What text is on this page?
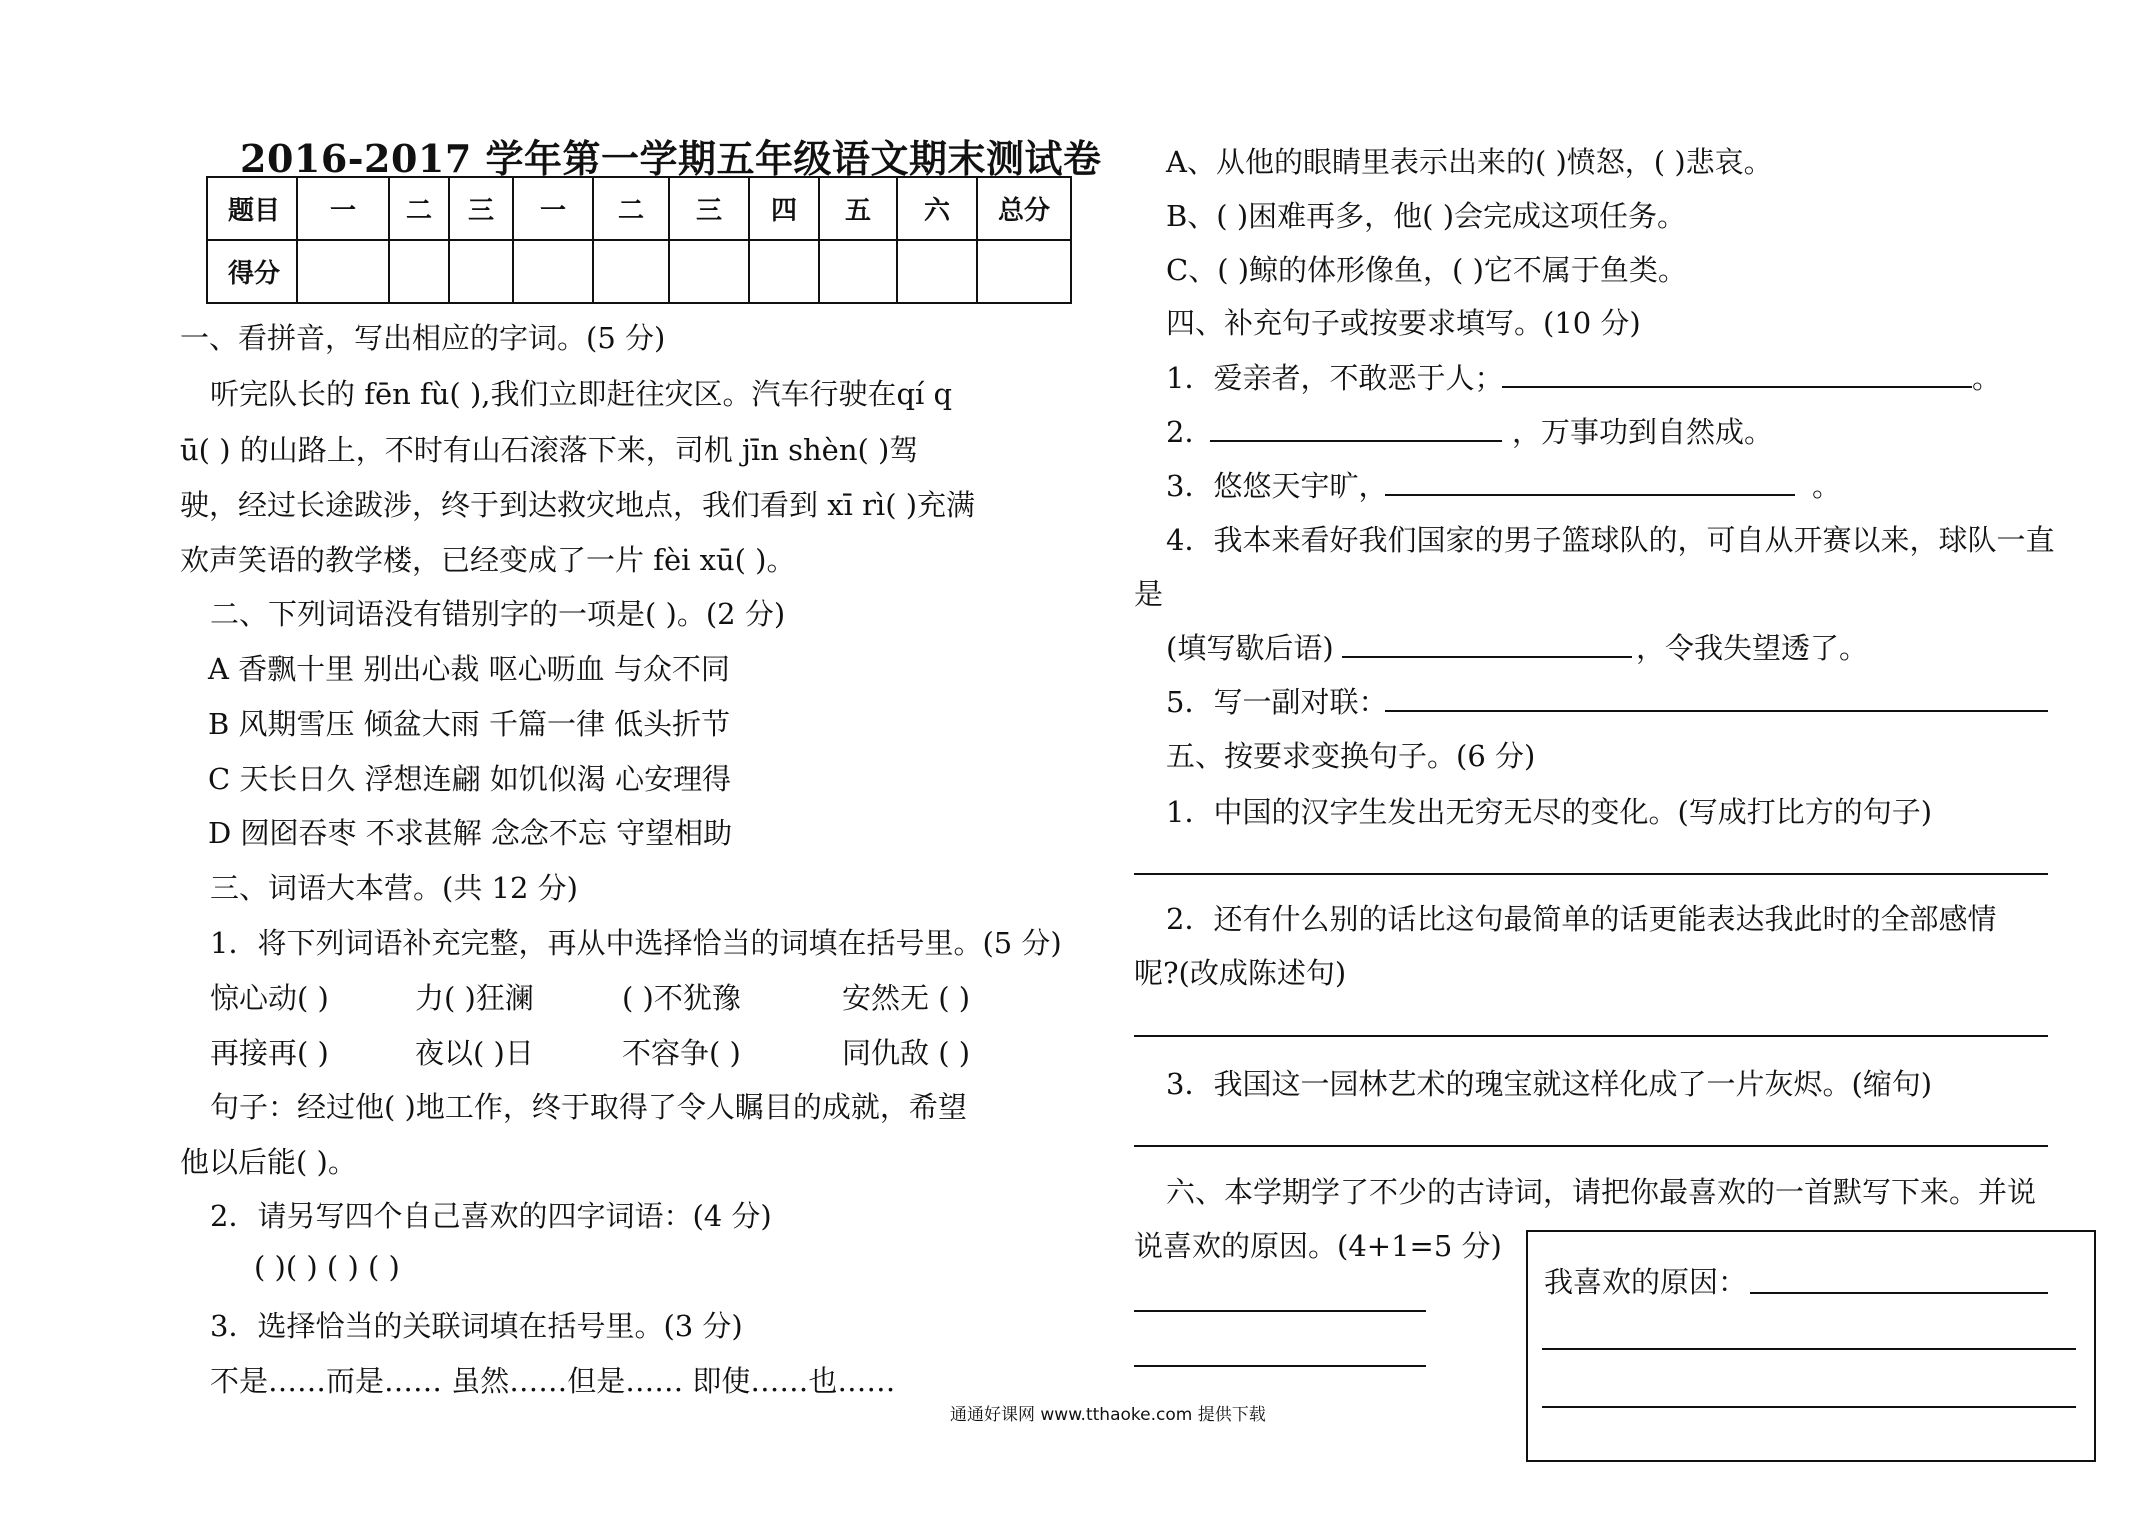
2016-2017 学年第一学期五年级语文期末测试卷
题目	一	二	三	一	二	三	四	五	六	总分
得分										
一、看拼音，写出相应的字词。(5 分)
听完队长的 fēn fù( ),我们立即赶往灾区。汽车行驶在qí q
ū( ) 的山路上，不时有山石滚落下来，司机 jīn shèn( )驾
驶，经过长途跋涉，终于到达救灾地点，我们看到 xī rì( )充满
欢声笑语的教学楼，已经变成了一片 fèi xū( )。
二、下列词语没有错别字的一项是( )。(2 分)
A 香飘十里 别出心裁 呕心呖血 与众不同
B 风期雪压 倾盆大雨 千篇一律 低头折节
C 天长日久 浮想连翩 如饥似渴 心安理得
D 囫囵吞枣 不求甚解 念念不忘 守望相助
三、词语大本营。(共 12 分)
1．将下列词语补充完整，再从中选择恰当的词填在括号里。(5 分)
惊心动( )	力( )狂澜	( )不犹豫	安然无 ( )
再接再( )	夜以( )日	不容争( )	同仇敌 ( )
句子：经过他( )地工作，终于取得了令人瞩目的成就，希望
他以后能( )。
2．请另写四个自己喜欢的四字词语：(4 分)
( )( ) ( ) ( )
3．选择恰当的关联词填在括号里。(3 分)
不是……而是…… 虽然……但是…… 即使……也……
A、从他的眼睛里表示出来的( )愤怒，( )悲哀。
B、( )困难再多，他( )会完成这项任务。
C、( )鲸的体形像鱼，( )它不属于鱼类。
四、补充句子或按要求填写。(10 分)
1．爱亲者，不敢恶于人；	。
2．	，万事功到自然成。
3．悠悠天宇旷，	。
4．我本来看好我们国家的男子篮球队的，可自从开赛以来，球队一直
是
(填写歇后语)	，令我失望透了。
5．写一副对联：
五、按要求变换句子。(6 分)
1．中国的汉字生发出无穷无尽的变化。(写成打比方的句子)
2．还有什么别的话比这句最简单的话更能表达我此时的全部感情
呢?(改成陈述句)
3．我国这一园林艺术的瑰宝就这样化成了一片灰烬。(缩句)
六、本学期学了不少的古诗词，请把你最喜欢的一首默写下来。并说
说喜欢的原因。(4+1=5 分)
我喜欢的原因：
通通好课网 www.tthaoke.com 提供下载
